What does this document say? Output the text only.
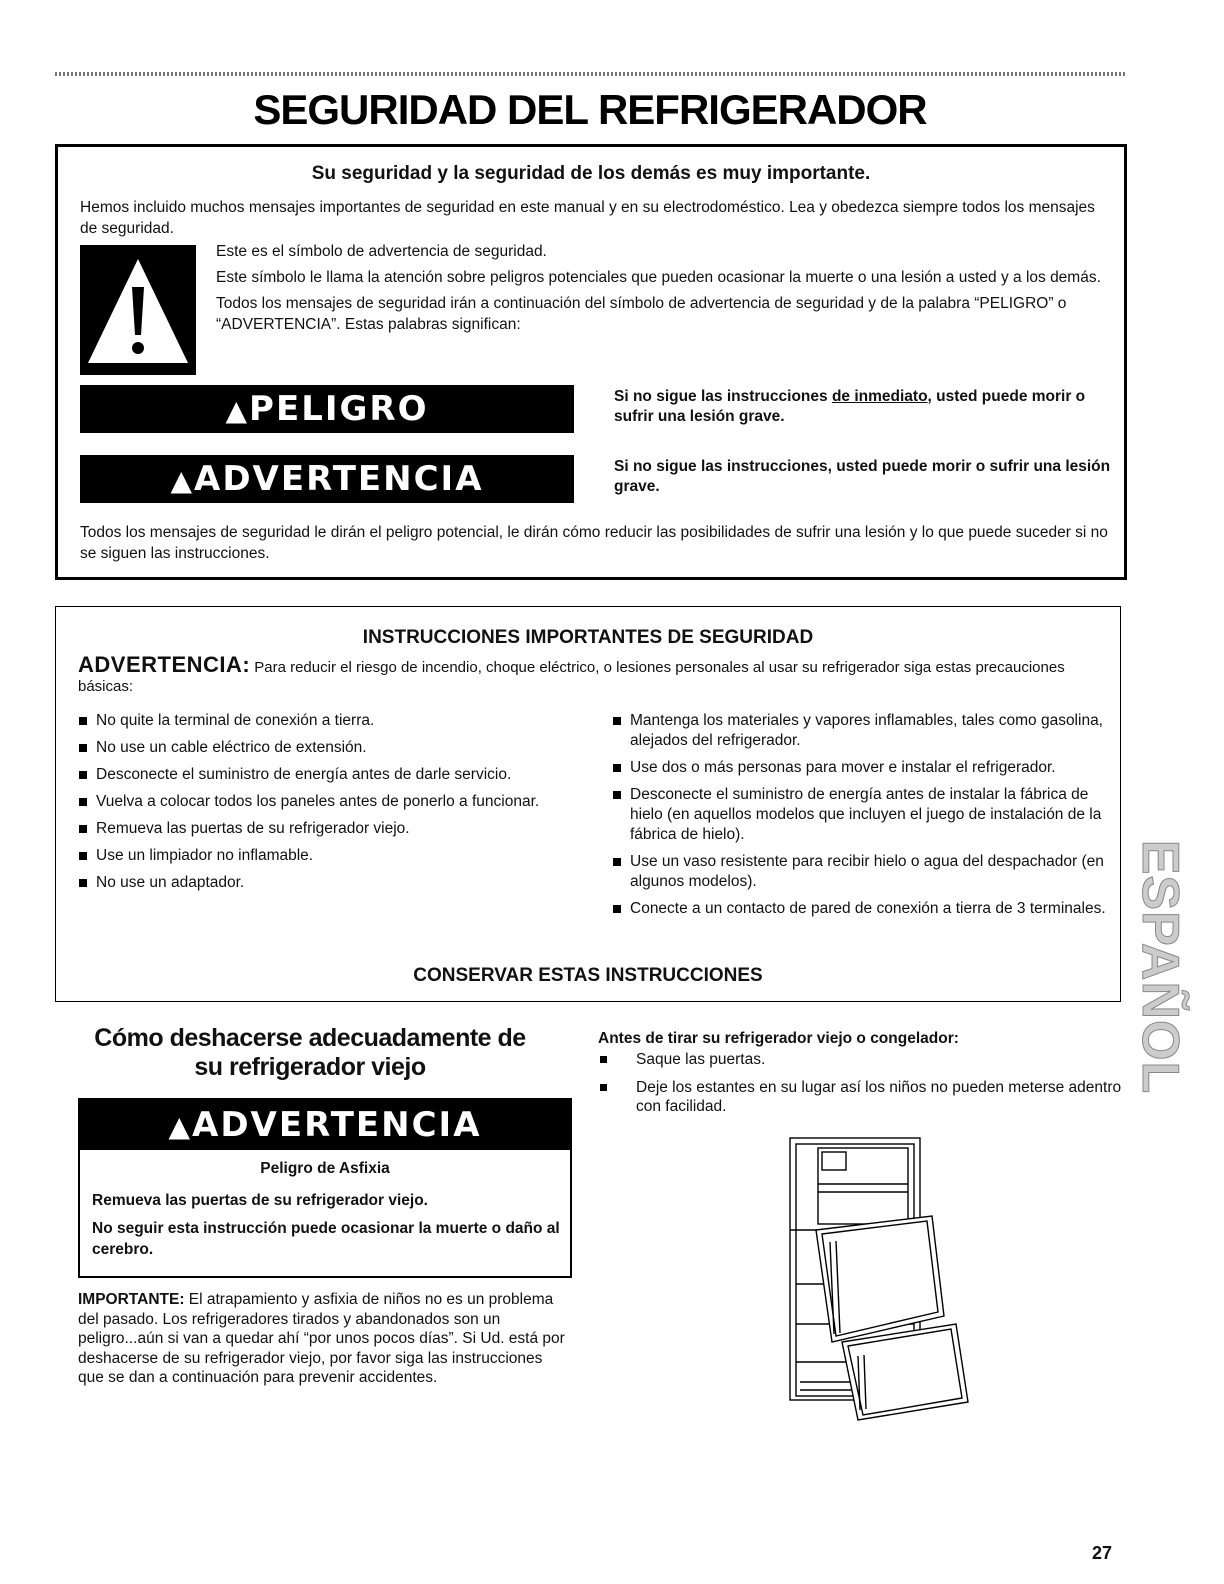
SEGURIDAD DEL REFRIGERADOR
Su seguridad y la seguridad de los demás es muy importante.
Hemos incluido muchos mensajes importantes de seguridad en este manual y en su electrodoméstico. Lea y obedezca siempre todos los mensajes de seguridad.

Este es el símbolo de advertencia de seguridad.

Este símbolo le llama la atención sobre peligros potenciales que pueden ocasionar la muerte o una lesión a usted y a los demás.

Todos los mensajes de seguridad irán a continuación del símbolo de advertencia de seguridad y de la palabra “PELIGRO” o “ADVERTENCIA”. Estas palabras significan:

▲PELIGRO	Si no sigue las instrucciones de inmediato, usted puede morir o sufrir una lesión grave.
▲ADVERTENCIA	Si no sigue las instrucciones, usted puede morir o sufrir una lesión grave.
Todos los mensajes de seguridad le dirán el peligro potencial, le dirán cómo reducir las posibilidades de sufrir una lesión y lo que puede suceder si no se siguen las instrucciones.
INSTRUCCIONES IMPORTANTES DE SEGURIDAD
ADVERTENCIA: Para reducir el riesgo de incendio, choque eléctrico, o lesiones personales al usar su refrigerador siga estas precauciones básicas:
No quite la terminal de conexión a tierra.
No use un cable eléctrico de extensión.
Desconecte el suministro de energía antes de darle servicio.
Vuelva a colocar todos los paneles antes de ponerlo a funcionar.
Remueva las puertas de su refrigerador viejo.
Use un limpiador no inflamable.
No use un adaptador.
Mantenga los materiales y vapores inflamables, tales como gasolina, alejados del refrigerador.
Use dos o más personas para mover e instalar el refrigerador.
Desconecte el suministro de energía antes de instalar la fábrica de hielo (en aquellos modelos que incluyen el juego de instalación de la fábrica de hielo).
Use un vaso resistente para recibir hielo o agua del despachador (en algunos modelos).
Conecte a un contacto de pared de conexión a tierra de 3 terminales.
CONSERVAR ESTAS INSTRUCCIONES
Cómo deshacerse adecuadamente de
su refrigerador viejo
▲ADVERTENCIA
Peligro de Asfixia
Remueva las puertas de su refrigerador viejo.
No seguir esta instrucción puede ocasionar la muerte o daño al cerebro.

IMPORTANTE: El atrapamiento y asfixia de niños no es un problema del pasado. Los refrigeradores tirados y abandonados son un peligro...aún si van a quedar ahí “por unos pocos días”. Si Ud. está por deshacerse de su refrigerador viejo, por favor siga las instrucciones que se dan a continuación para prevenir accidentes.

Antes de tirar su refrigerador viejo o congelador:
Saque las puertas.
Deje los estantes en su lugar así los niños no pueden meterse adentro con facilidad.
ESPAÑOL
27
